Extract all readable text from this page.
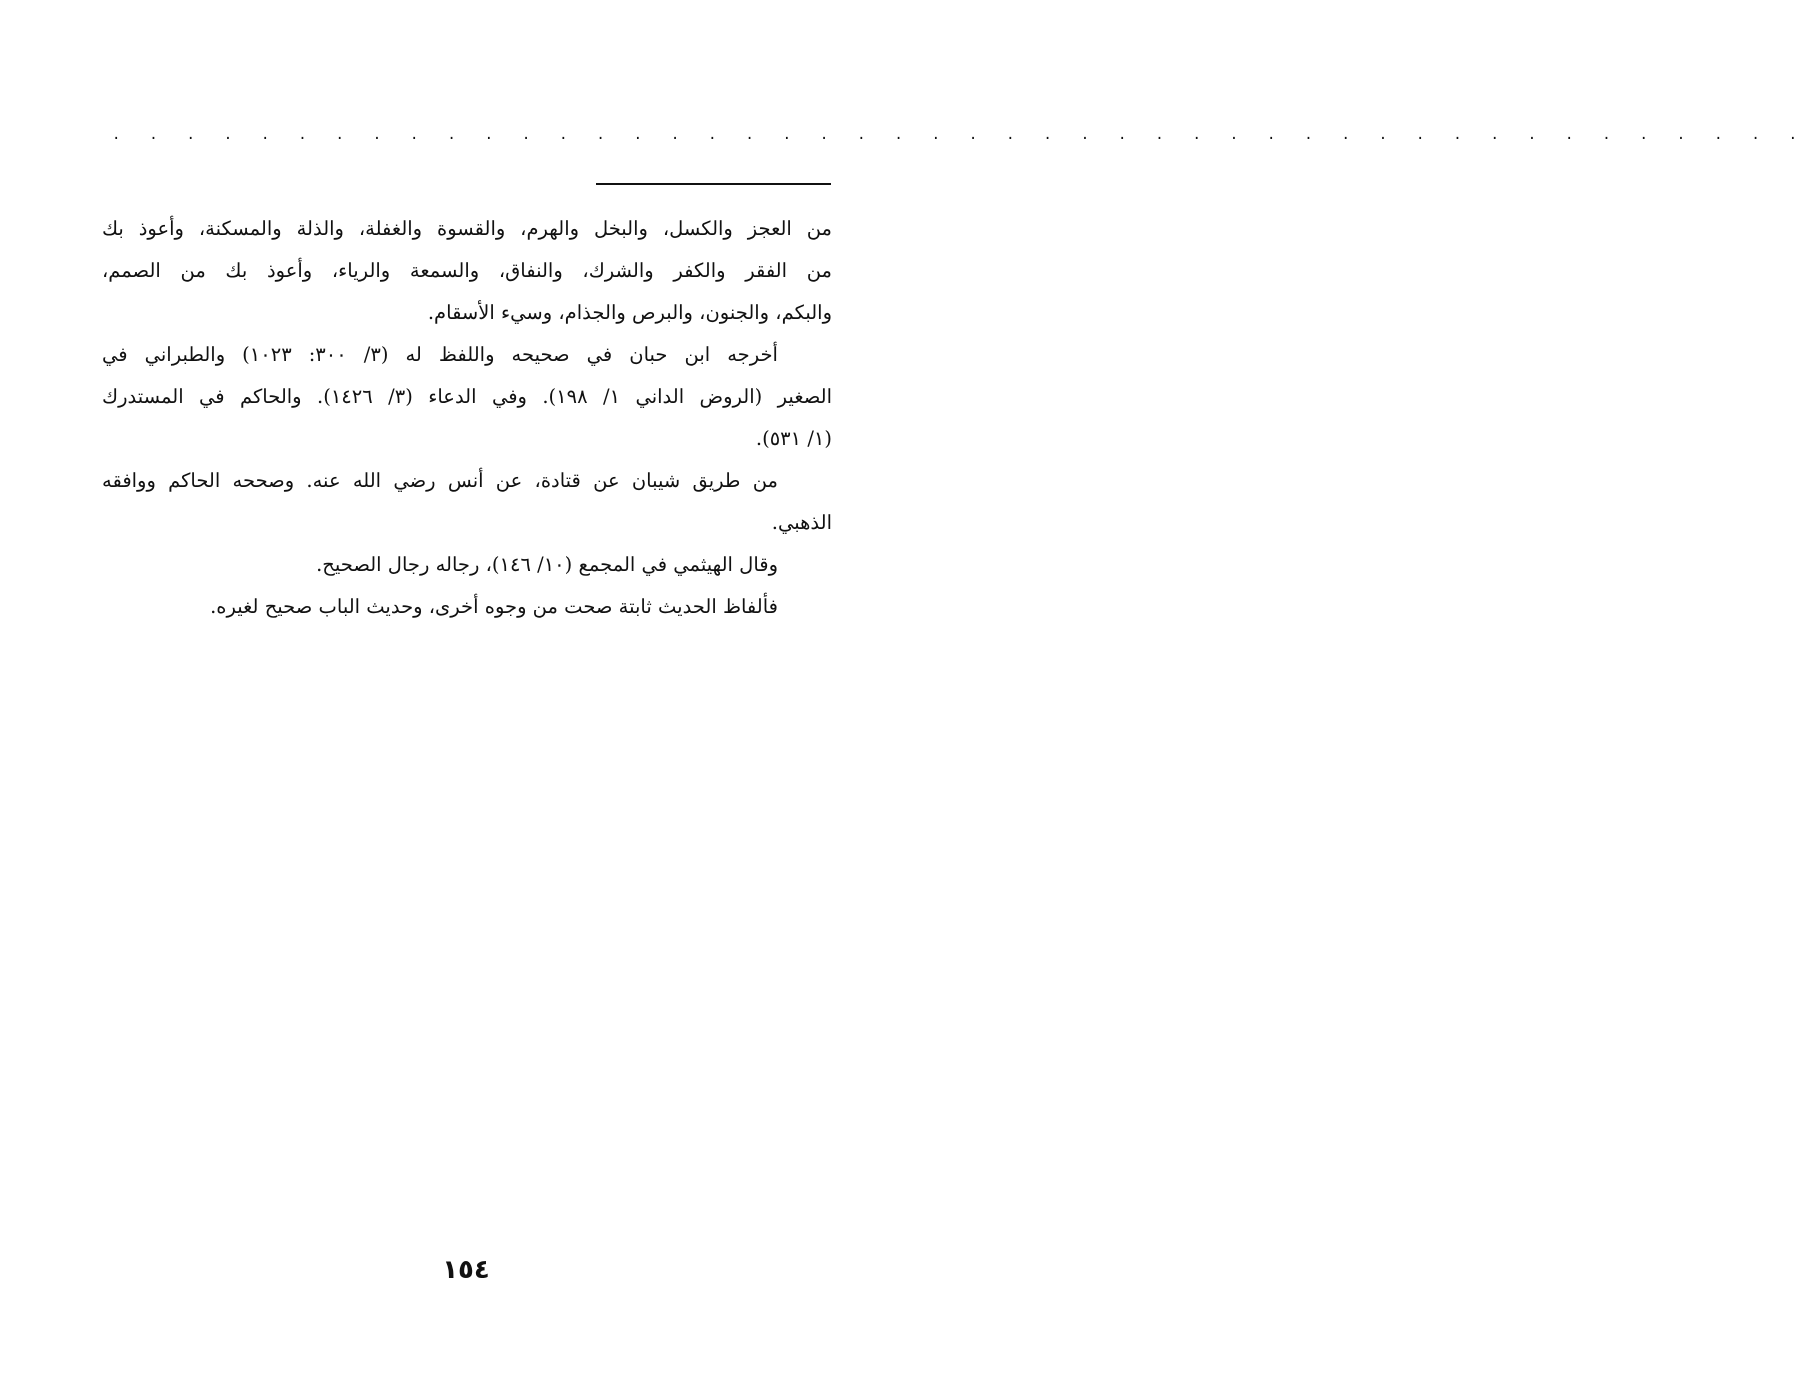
. . . . . . . . . . . . . . . . . . . . . . . . . . . . . . . . . . . . . . . . . . . . . .
من العجز والكسل، والبخل والهرم، والقسوة والغفلة، والذلة والمسكنة، وأعوذ بك
من الفقر والكفر والشرك، والنفاق، والسمعة والرياء، وأعوذ بك من الصمم،
والبكم، والجنون، والبرص والجذام، وسيء الأسقام.
أخرجه ابن حبان في صحيحه واللفظ له (٣/ ٣٠٠: ١٠٢٣) والطبراني في
الصغير (الروض الداني ١/ ١٩٨). وفي الدعاء (٣/ ١٤٢٦). والحاكم في المستدرك
(١/ ٥٣١).
من طريق شيبان عن قتادة، عن أنس رضي الله عنه. وصححه الحاكم ووافقه
الذهبي.
وقال الهيثمي في المجمع (١٠/ ١٤٦)، رجاله رجال الصحيح.
فألفاظ الحديث ثابتة صحت من وجوه أخرى، وحديث الباب صحيح لغيره.
١٥٤
